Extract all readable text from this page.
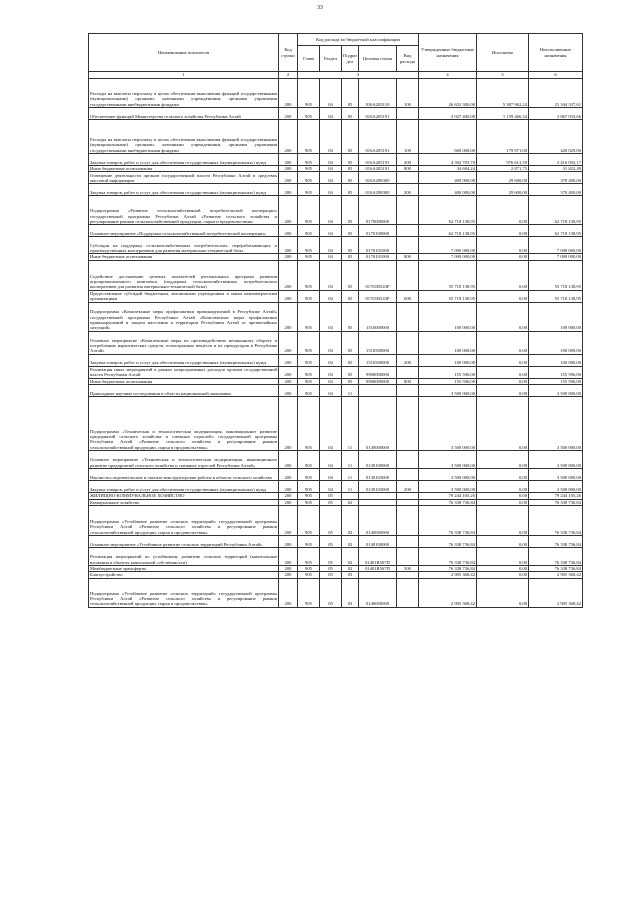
33
Наименование показателя	Код строки	Код расхода по бюджетной классификации					Утвержденные бюджетные назначения	Исполнено	Неисполненные назначения
		Глава	Раздел	Подраз дел	Целевая статья	Вид расхода			
1	2	3					4	5	6
Расходы на выплаты персоналу в целях обеспечения выполнения функций государственными (муниципальными) органами, казенными учреждениями, органами управления государственными внебюджетными фондами	200	905	04	05	016А205110	100	26 652 300,00	5 307 962,24	21 344 337,61
Обеспечение функций Министерства сельского хозяйства Республики Алтай	200	905	04	05	016А205191		3 027 400,00	1 159 466,34	3 867 933,66
Расходы на выплаты персоналу в целях обеспечения выполнения функций государственными (муниципальными) органами, казенными учреждениями, органами управления государственными внебюджетными фондами	200	905	04	05	016А205191	100	600 000,00	179 971,00	420 029,00
Закупка товаров, работ и услуг для обеспечения государственных (муниципальных) нужд	200	905	04	05	016А205191	200	4 392 705,70	976 613,59	3 416 092,17
Иные бюджетные ассигнования	200	905	04	05	016А205191	800	34 694,24	2 871,75	31 822,49
Освещение деятельности органов государственной власти Республики Алтай в средствах массовой информации	200	905	04	05	016А298300		400 000,00	29 600,00	370 400,00
Закупка товаров, работ и услуг для обеспечения государственных (муниципальных) нужд	200	905	04	05	016А298300	200	400 000,00	29 600,00	370 400,00
Подпрограмма «Развитие сельскохозяйственной потребительской кооперации» государственной программы Республики Алтай «Развитие сельского хозяйства и регулирование рынков сельскохозяйственной продукции, сырья и продовольствия»	200	905	04	05	0170000000		62 718 138,95	0,00	62 718 138,95
Основное мероприятие «Поддержка сельскохозяйственной потребительской кооперации»	200	905	04	05	0170100000		62 718 138,95	0,00	62 718 138,95
Субсидии на поддержку сельскохозяйственных потребительских, перерабатывающих и производственных кооперативов для развития материально-технической базы	200	905	04	05	0170101000		7 000 000,00	0,00	7 000 000,00
Иные бюджетные ассигнования	200	905	04	05	0170101000	800	7 000 000,00	0,00	7 000 000,00
Содействие достижению целевых показателей региональных программ развития агропромышленного комплекса (поддержка сельскохозяйственных потребительских кооперативов для развития материально-технической базы)	200	905	04	05	01701R543Р		55 718 138,95	0,00	55 718 138,95
Предоставление субсидий бюджетным, автономным учреждениям и иным некоммерческим организациям	200	905	04	05	01701R543Р	600	55 718 138,95	0,00	55 718 138,95
Подпрограмма «Комплексные меры профилактики правонарушений в Республике Алтай» государственной программы Республики Алтай «Комплексные меры профилактики правонарушений и защита населения и территории Республики Алтай от чрезвычайных ситуаций»	200	905	04	05	1510000000		100 000,00	0,00	100 000,00
Основное мероприятие «Комплексные меры по противодействию незаконному обороту и потреблению наркотических средств, психотропных веществ и их прекурсоров в Республике Алтай»	200	905	04	05	1510500000		100 000,00	0,00	100 000,00
Закупка товаров, работ и услуг для обеспечения государственных (муниципальных) нужд	200	905	04	05	1510500000	200	100 000,00	0,00	100 000,00
Реализация иных мероприятий в рамках непрограммных расходов органов государственной власти Республики Алтай	200	905	04	05	9900000000		155 596,00	0,00	155 596,00
Иные бюджетные ассигнования	200	905	04	05	9900000000	800	155 596,00	0,00	155 596,00
Прикладные научные исследования в области национальной экономики	200	905	04	11			3 500 000,00	0,00	3 500 000,00
Подпрограмма «Техническая и технологическая модернизация, инновационное развитие предприятий сельского хозяйства и смежных отраслей» государственной программы Республики Алтай «Развитие сельского хозяйства и регулирование рынков сельскохозяйственной продукции, сырья и продовольствия»	200	905	04	11	0130000000		3 500 000,00	0,00	3 500 000,00
Основное мероприятие «Техническая и технологическая модернизация, инновационное развитие предприятий сельского хозяйства и смежных отраслей Республики Алтай»	200	905	04	11	0130100000		3 500 000,00	0,00	3 500 000,00
Научно-исследовательские и опытно-конструкторские работы в области сельского хозяйства	200	905	04	11	0130103000		3 500 000,00	0,00	3 500 000,00
Закупка товаров, работ и услуг для обеспечения государственных (муниципальных) нужд	200	905	04	11	0130103000	200	3 500 000,00	0,00	3 500 000,00
ЖИЛИЩНО-КОММУНАЛЬНОЕ ХОЗЯЙСТВО	200	905	05				79 244 105,26	0,00	79 244 105,26
Коммунальное хозяйство	200	905	05	02			76 338 736,84	0,00	76 338 736,84
Подпрограмма «Устойчивое развитие сельских территорий» государственной программы Республики Алтай «Развитие сельского хозяйства и регулирование рынков сельскохозяйственной продукции, сырья и продовольствия»	200	905	05	02	0140000000		76 338 736,84	0,00	76 338 736,84
Основное мероприятие «Устойчивое развитие сельских территорий Республики Алтай»	200	905	05	02	0140100000		76 338 736,84	0,00	76 338 736,84
Реализация мероприятий по устойчивому развитию сельских территорий (капитальные вложения в объекты капитальной собственности)	200	905	05	02	01401R567П		76 338 736,84	0,00	76 338 736,84
Межбюджетные трансферты	200	905	05	02	01401R567П	500	76 338 736,84	0,00	76 338 736,84
Благоустройство	200	905	05	03			2 905 368,42	0,00	2 905 368,42
Подпрограмма «Устойчивое развитие сельских территорий» государственной программы Республики Алтай «Развитие сельского хозяйства и регулирование рынков сельскохозяйственной продукции, сырья и продовольствия»	200	905	05	03	0140000000		2 905 368,42	0,00	2 905 368,42
